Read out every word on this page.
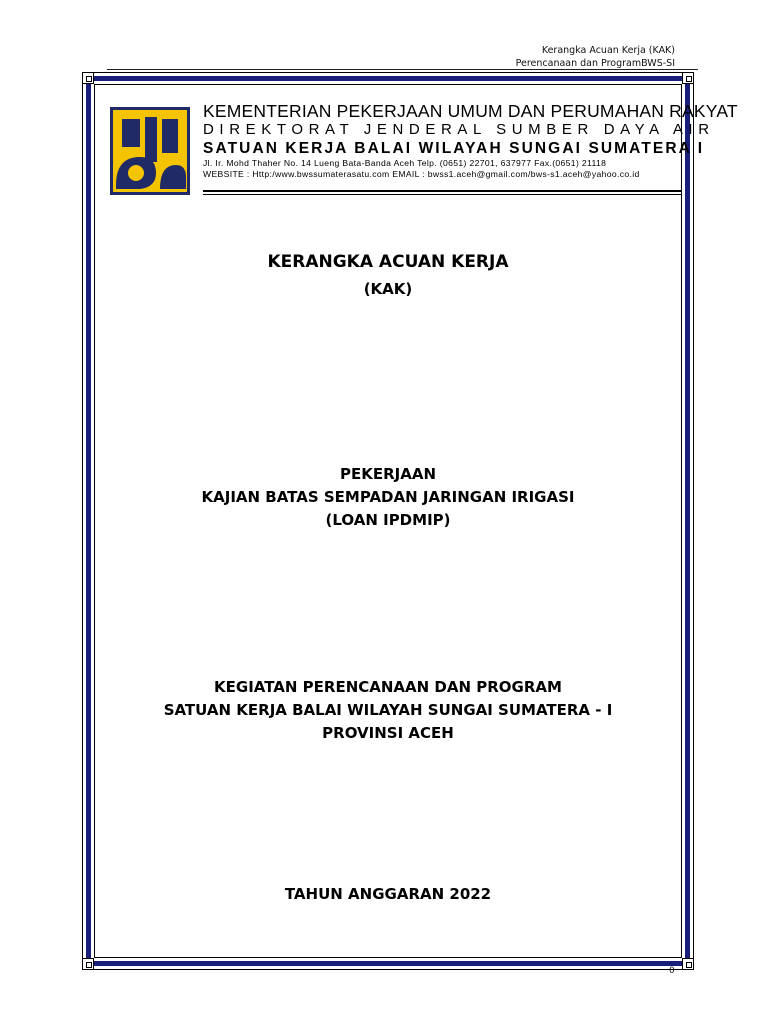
Kerangka Acuan Kerja (KAK)
Perencanaan dan ProgramBWS-SI
KEMENTERIAN PEKERJAAN UMUM DAN PERUMAHAN RAKYAT
DIREKTORAT JENDERAL SUMBER DAYA AIR
SATUAN KERJA BALAI WILAYAH SUNGAI SUMATERA I
Jl. Ir. Mohd Thaher No. 14 Lueng Bata-Banda Aceh Telp. (0651) 22701, 637977 Fax.(0651) 21118
WEBSITE : Http:/www.bwssumaterasatu.com EMAIL : bwss1.aceh@gmail.com/bws-s1.aceh@yahoo.co.id
KERANGKA ACUAN KERJA
(KAK)
PEKERJAAN
KAJIAN BATAS SEMPADAN JARINGAN IRIGASI
(LOAN IPDMIP)
KEGIATAN PERENCANAAN DAN PROGRAM
SATUAN KERJA BALAI WILAYAH SUNGAI SUMATERA - I
PROVINSI ACEH
TAHUN ANGGARAN 2022
0
